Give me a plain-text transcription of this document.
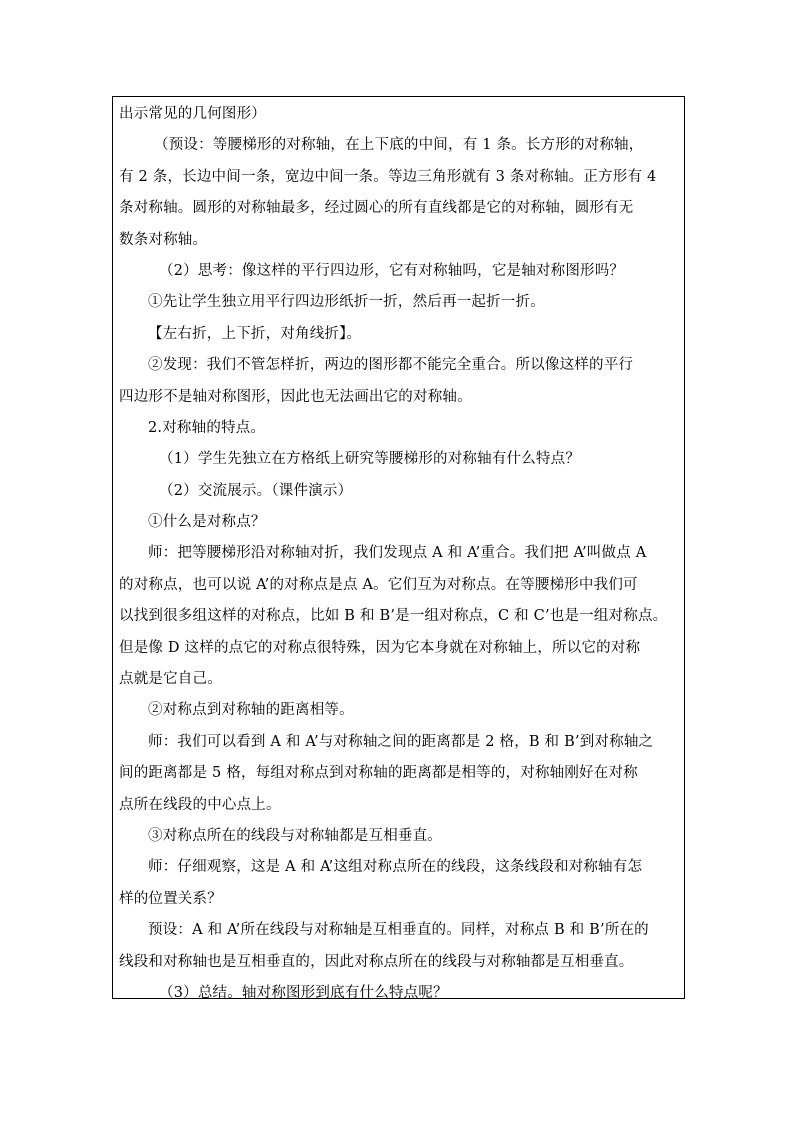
出示常见的几何图形）
（预设：等腰梯形的对称轴，在上下底的中间，有 1 条。长方形的对称轴，
有 2 条，长边中间一条，宽边中间一条。等边三角形就有 3 条对称轴。正方形有 4
条对称轴。圆形的对称轴最多，经过圆心的所有直线都是它的对称轴，圆形有无
数条对称轴。
（2）思考：像这样的平行四边形，它有对称轴吗，它是轴对称图形吗？
①先让学生独立用平行四边形纸折一折，然后再一起折一折。
【左右折，上下折，对角线折】。
②发现：我们不管怎样折，两边的图形都不能完全重合。所以像这样的平行
四边形不是轴对称图形，因此也无法画出它的对称轴。
2.对称轴的特点。
（1）学生先独立在方格纸上研究等腰梯形的对称轴有什么特点？
（2）交流展示。（课件演示）
①什么是对称点？
师：把等腰梯形沿对称轴对折，我们发现点 A 和 A’重合。我们把 A’叫做点 A
的对称点，也可以说 A’的对称点是点 A。它们互为对称点。在等腰梯形中我们可
以找到很多组这样的对称点，比如 B 和 B’是一组对称点，C 和 C’也是一组对称点。
但是像 D 这样的点它的对称点很特殊，因为它本身就在对称轴上，所以它的对称
点就是它自己。
②对称点到对称轴的距离相等。
师：我们可以看到 A 和 A’与对称轴之间的距离都是 2 格，B 和 B’到对称轴之
间的距离都是 5 格，每组对称点到对称轴的距离都是相等的，对称轴刚好在对称
点所在线段的中心点上。
③对称点所在的线段与对称轴都是互相垂直。
师：仔细观察，这是 A 和 A’这组对称点所在的线段，这条线段和对称轴有怎
样的位置关系？
预设：A 和 A’所在线段与对称轴是互相垂直的。同样，对称点 B 和 B’所在的
线段和对称轴也是互相垂直的，因此对称点所在的线段与对称轴都是互相垂直。
（3）总结。轴对称图形到底有什么特点呢？
